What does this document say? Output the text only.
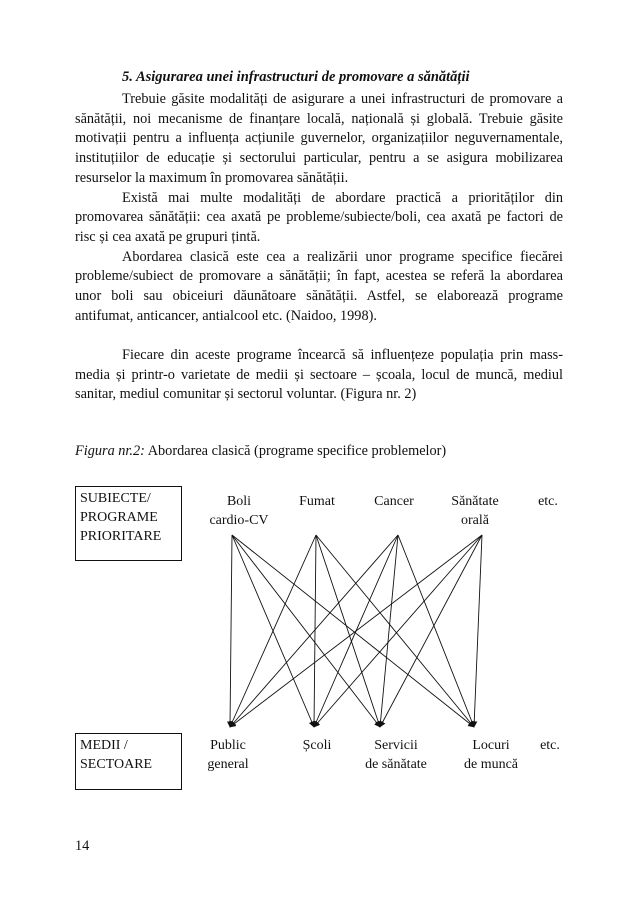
5. Asigurarea unei infrastructuri de promovare a sănătății

Trebuie găsite modalități de asigurare a unei infrastructuri de promovare a sănătății, noi mecanisme de finanțare locală, națională și globală. Trebuie găsite motivații pentru a influența acțiunile guvernelor, organizațiilor neguvernamentale, instituțiilor de educație și sectorului particular, pentru a se asigura mobilizarea resurselor la maximum în promovarea sănătății.

Există mai multe modalități de abordare practică a priorităților din promovarea sănătății: cea axată pe probleme/subiecte/boli, cea axată pe factori de risc și cea axată pe grupuri țintă.

Abordarea clasică este cea a realizării unor programe specifice fiecărei probleme/subiect de promovare a sănătății; în fapt, acestea se referă la abordarea unor boli sau obiceiuri dăunătoare sănătății. Astfel, se elaborează programe antifumat, anticancer, antialcool etc. (Naidoo, 1998).

Fiecare din aceste programe încearcă să influențeze populația prin mass-media și printr-o varietate de medii și sectoare – școala, locul de muncă, mediul sanitar, mediul comunitar și sectorul voluntar. (Figura nr. 2)

Figura nr.2: Abordarea clasică (programe specifice problemelor)
SUBIECTE/
PROGRAME
PRIORITARE
MEDII /
SECTOARE
Boli
cardio-CV
Fumat	Cancer	Sănătate
orală
etc.
Public
general
Școli	Servicii
de sănătate
Locuri
de muncă
etc.
14
